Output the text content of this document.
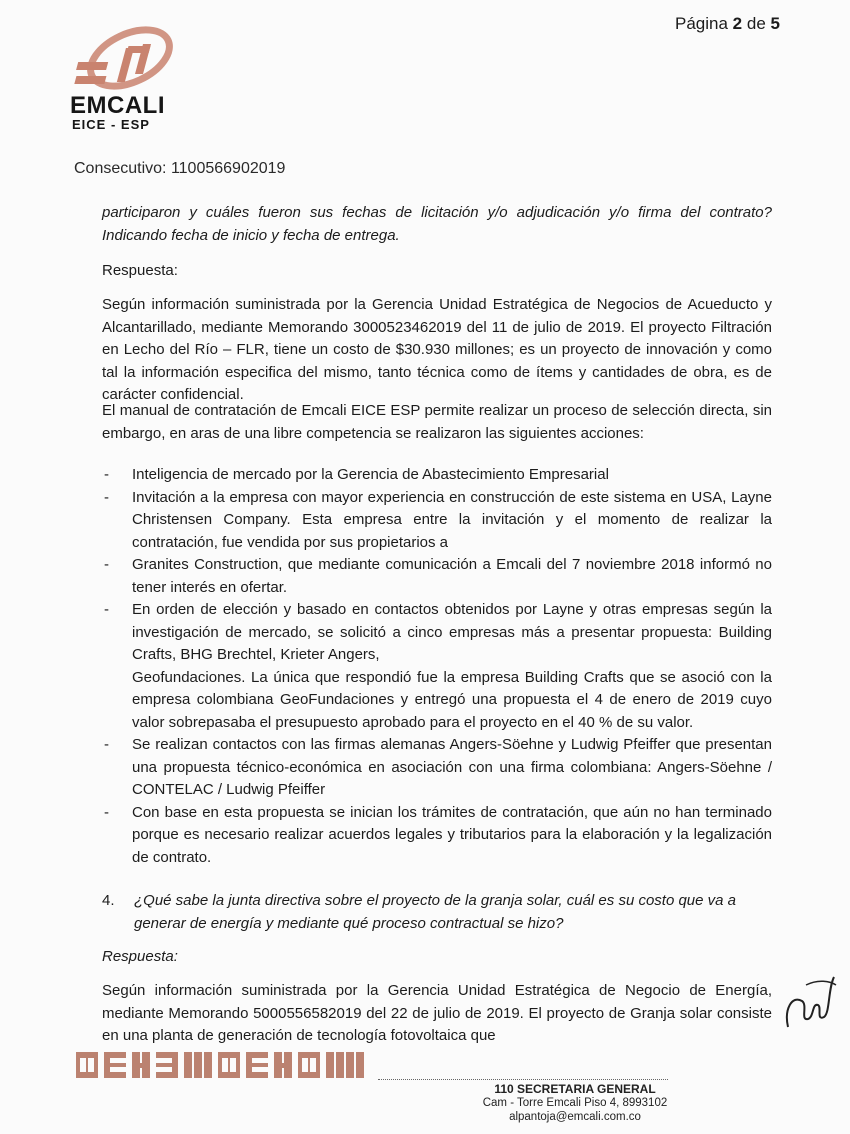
Página 2 de 5
EMCALI
EICE - ESP
Consecutivo: 1100566902019

participaron y cuáles fueron sus fechas de licitación y/o adjudicación y/o firma del contrato? Indicando fecha de inicio y fecha de entrega.

Respuesta:

Según información suministrada por la Gerencia Unidad Estratégica de Negocios de Acueducto y Alcantarillado, mediante Memorando 3000523462019 del 11 de julio de 2019. El proyecto Filtración en Lecho del Río – FLR, tiene un costo de $30.930 millones; es un proyecto de innovación y como tal la información especifica del mismo, tanto técnica como de ítems y cantidades de obra, es de carácter confidencial.

El manual de contratación de Emcali EICE ESP permite realizar un proceso de selección directa, sin embargo, en aras de una libre competencia se realizaron las siguientes acciones:

- Inteligencia de mercado por la Gerencia de Abastecimiento Empresarial
- Invitación a la empresa con mayor experiencia en construcción de este sistema en USA, Layne Christensen Company. Esta empresa entre la invitación y el momento de realizar la contratación, fue vendida por sus propietarios a
- Granites Construction, que mediante comunicación a Emcali del 7 noviembre 2018 informó no tener interés en ofertar.
- En orden de elección y basado en contactos obtenidos por Layne y otras empresas según la investigación de mercado, se solicitó a cinco empresas más a presentar propuesta: Building Crafts, BHG Brechtel, Krieter Angers,
Geofundaciones. La única que respondió fue la empresa Building Crafts que se asoció con la empresa colombiana GeoFundaciones y entregó una propuesta el 4 de enero de 2019 cuyo valor sobrepasaba el presupuesto aprobado para el proyecto en el 40 % de su valor.
- Se realizan contactos con las firmas alemanas Angers-Söehne y Ludwig Pfeiffer que presentan una propuesta técnico-económica en asociación con una firma colombiana: Angers-Söehne / CONTELAC / Ludwig Pfeiffer
- Con base en esta propuesta se inician los trámites de contratación, que aún no han terminado porque es necesario realizar acuerdos legales y tributarios para la elaboración y la legalización de contrato.
4.	¿Qué sabe la junta directiva sobre el proyecto de la granja solar, cuál es su costo que va a generar de energía y mediante qué proceso contractual se hizo?

Respuesta:

Según información suministrada por la Gerencia Unidad Estratégica de Negocio de Energía, mediante Memorando 5000556582019 del 22 de julio de 2019. El proyecto de Granja solar consiste en una planta de generación de tecnología fotovoltaica que

110 SECRETARIA GENERAL
Cam - Torre Emcali Piso 4, 8993102
alpantoja@emcali.com.co
